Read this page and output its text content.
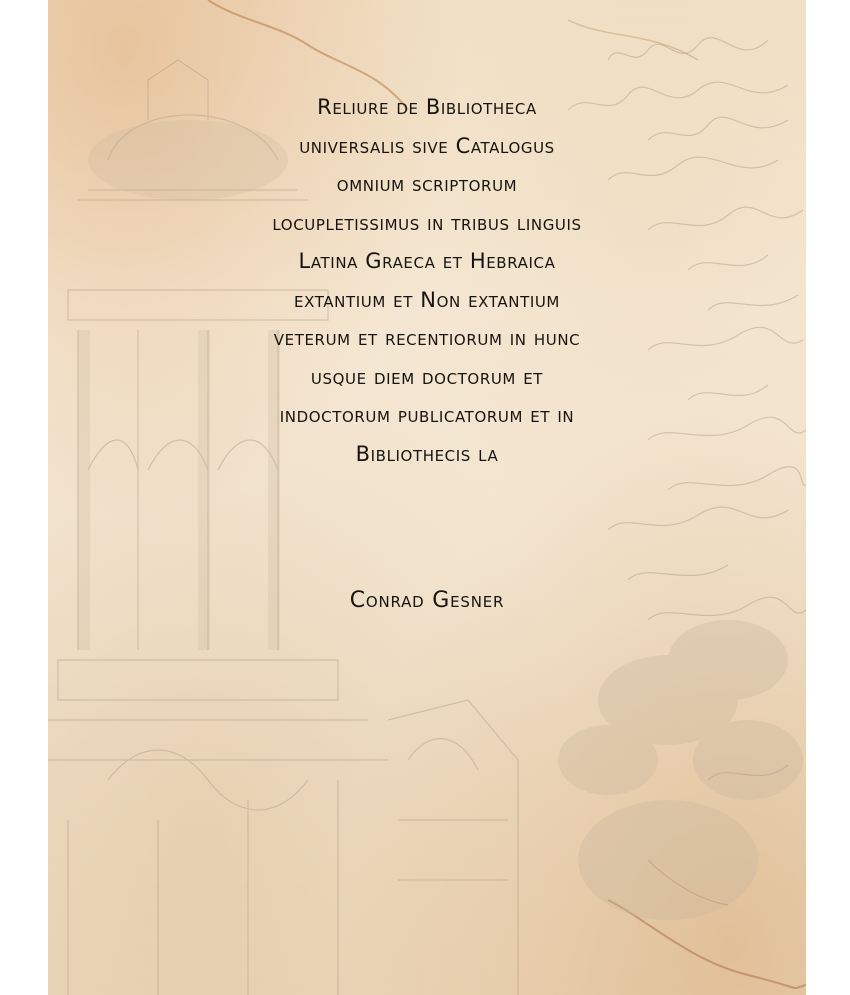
Reliure de Bibliotheca
universalis sive Catalogus
omnium scriptorum
locupletissimus in tribus linguis
Latina Graeca et Hebraica
extantium et Non extantium
veterum et recentiorum in hunc
usque diem doctorum et
indoctorum publicatorum et in
Bibliothecis la
Conrad Gesner
